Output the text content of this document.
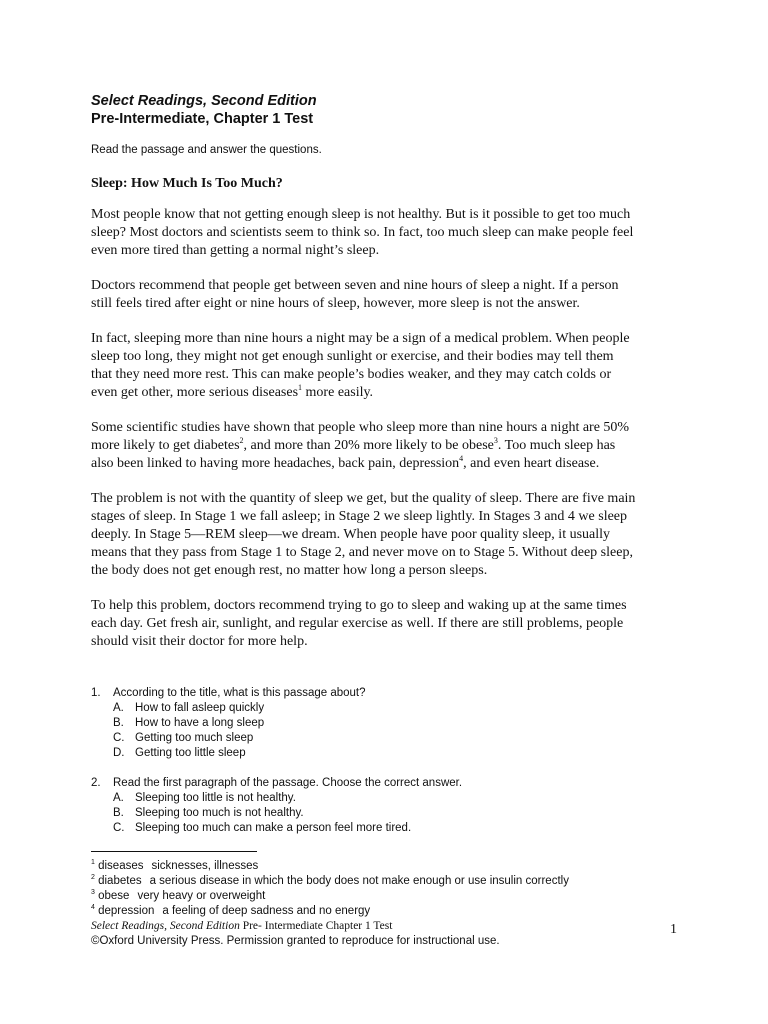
Select Readings, Second Edition
Pre-Intermediate, Chapter 1 Test
Read the passage and answer the questions.
Sleep: How Much Is Too Much?

Most people know that not getting enough sleep is not healthy. But is it possible to get too much
sleep? Most doctors and scientists seem to think so. In fact, too much sleep can make people feel
even more tired than getting a normal night’s sleep.

Doctors recommend that people get between seven and nine hours of sleep a night. If a person
still feels tired after eight or nine hours of sleep, however, more sleep is not the answer.

In fact, sleeping more than nine hours a night may be a sign of a medical problem. When people
sleep too long, they might not get enough sunlight or exercise, and their bodies may tell them
that they need more rest. This can make people’s bodies weaker, and they may catch colds or
even get other, more serious diseases$^1$ more easily.

Some scientific studies have shown that people who sleep more than nine hours a night are 50%
more likely to get diabetes$^2$, and more than 20% more likely to be obese$^3$. Too much sleep has
also been linked to having more headaches, back pain, depression$^4$, and even heart disease.

The problem is not with the quantity of sleep we get, but the quality of sleep. There are five main
stages of sleep. In Stage 1 we fall asleep; in Stage 2 we sleep lightly. In Stages 3 and 4 we sleep
deeply. In Stage 5—REM sleep—we dream. When people have poor quality sleep, it usually
means that they pass from Stage 1 to Stage 2, and never move on to Stage 5. Without deep sleep,
the body does not get enough rest, no matter how long a person sleeps.

To help this problem, doctors recommend trying to go to sleep and waking up at the same times
each day. Get fresh air, sunlight, and regular exercise as well. If there are still problems, people
should visit their doctor for more help.

1.	According to the title, what is this passage about?
A. How to fall asleep quickly
B. How to have a long sleep
C. Getting too much sleep
D. Getting too little sleep
2.	Read the first paragraph of the passage. Choose the correct answer.
A. Sleeping too little is not healthy.
B. Sleeping too much is not healthy.
C. Sleeping too much can make a person feel more tired.
$^1$ diseases sicknesses, illnesses
$^2$ diabetes a serious disease in which the body does not make enough or use insulin correctly
$^3$ obese very heavy or overweight
$^4$ depression a feeling of deep sadness and no energy
Select Readings, Second Edition Pre- Intermediate Chapter 1 Test
©Oxford University Press. Permission granted to reproduce for instructional use.
1
